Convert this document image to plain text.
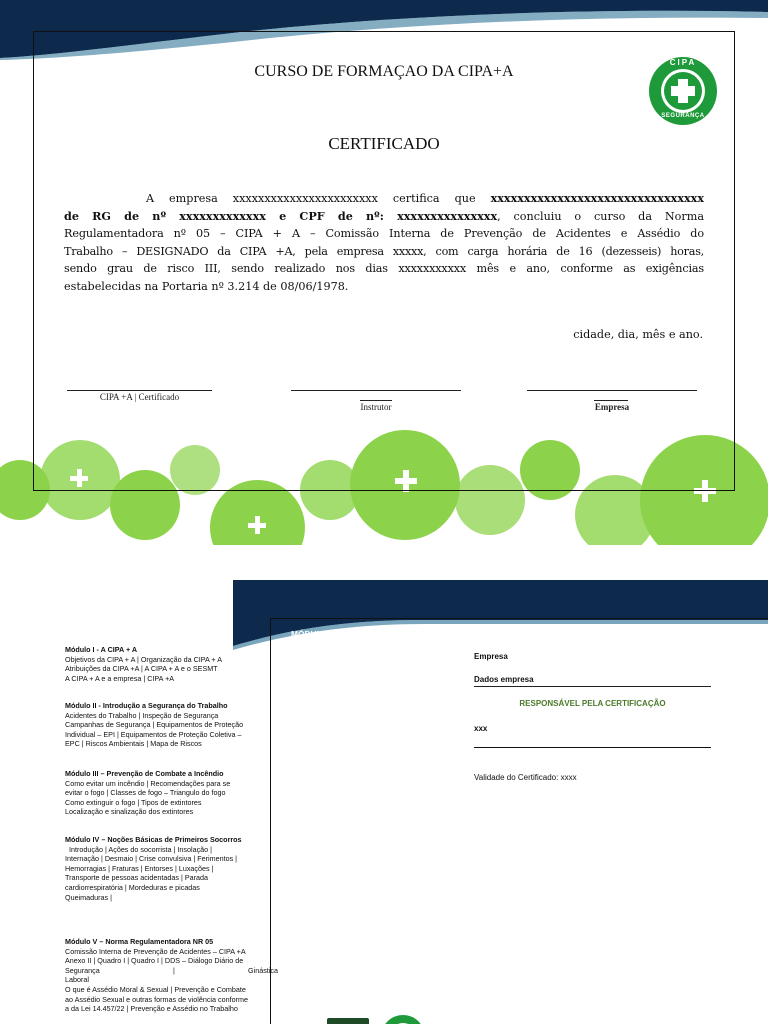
CIPA
SEGURANÇA
CURSO DE FORMAÇAO DA CIPA+A
CERTIFICADO
A empresa xxxxxxxxxxxxxxxxxxxxxxx certifica que xxxxxxxxxxxxxxxxxxxxxxxxxxxxxxxx
de RG de nº xxxxxxxxxxxxx e CPF de nº: xxxxxxxxxxxxxxx, concluiu o curso da Norma
Regulamentadora nº 05 – CIPA + A – Comissão Interna de Prevenção de Acidentes e Assédio do
Trabalho – DESIGNADO da CIPA +A, pela empresa xxxxx, com carga horária de 16 (dezesseis) horas,
sendo grau de risco III, sendo realizado nos dias xxxxxxxxxxx mês e ano, conforme as exigências
estabelecidas na Portaria nº 3.214 de 08/06/1978.
cidade, dia, mês e ano.
CIPA +A | Certificado
Instrutor	Empresa
MÓDULOS, CONTEÚDOS E CARGA HORÁRIA DO CURSO DA NR 05 – CIPA +A
Módulo I - A CIPA + A
Objetivos da CIPA + A | Organização da CIPA + A
Atribuições da CIPA +A | A CIPA + A e o SESMT
A CIPA + A e a empresa | CIPA +A
Módulo II - Introdução a Segurança do Trabalho
Acidentes do Trabalho | Inspeção de Segurança
Campanhas de Segurança | Equipamentos de Proteção
Individual – EPI | Equipamentos de Proteção Coletiva –
EPC | Riscos Ambientais | Mapa de Riscos
Módulo III – Prevenção de Combate a Incêndio
Como evitar um incêndio | Recomendações para se
evitar o fogo | Classes de fogo – Triangulo do fogo
Como extinguir o fogo | Tipos de extintores
Localização e sinalização dos extintores
Módulo IV – Noções Básicas de Primeiros Socorros
Introdução | Ações do socorrista | Insolação |
Internação | Desmaio | Crise convulsiva | Ferimentos |
Hemorragias | Fraturas | Entorses | Luxações |
Transporte de pessoas acidentadas | Parada
cardiorrespiratória | Mordeduras e picadas
Queimaduras |
Módulo V – Norma Regulamentadora NR 05
Comissão Interna de Prevenção de Acidentes – CIPA +A
Anexo II | Quadro I | Quadro I | DDS – Diálogo Diário de
Segurança | Ginástica Laboral
O que é Assédio Moral & Sexual | Prevenção e Combate
ao Assédio Sexual e outras formas de violência conforme
a da Lei 14.457/22 | Prevenção e Assédio no Trabalho
Empresa
Dados empresa
RESPONSÁVEL PELA CERTIFICAÇÃO
xxx
Validade do Certificado: xxxx
